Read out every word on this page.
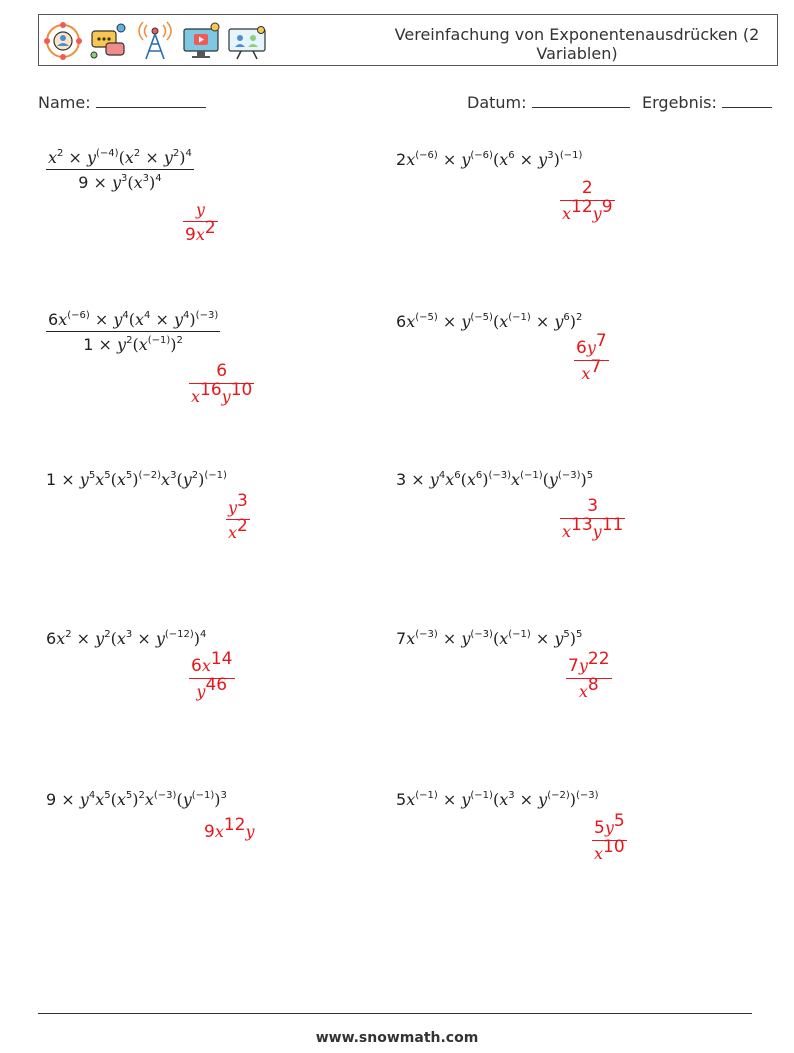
Vereinfachung von Exponentenausdrücken (2 Variablen)
Name:	Datum:	Ergebnis:
$\frac{x^2 \times y^{(-4)}(x^2 \times y^2)^4}{9 \times y^3(x^3)^4}$
$\frac{y}{9x^2}$
$2x^{(-6)} \times y^{(-6)}(x^6 \times y^3)^{(-1)}$
$\frac{2}{x^{12}y^9}$
$\frac{6x^{(-6)} \times y^4(x^4 \times y^4)^{(-3)}}{1 \times y^2(x^{(-1)})^2}$
$\frac{6}{x^{16}y^{10}}$
$6x^{(-5)} \times y^{(-5)}(x^{(-1)} \times y^6)^2$
$\frac{6y^7}{x^7}$
$1 \times y^5x^5(x^5)^{(-2)}x^3(y^2)^{(-1)}$
$\frac{y^3}{x^2}$
$3 \times y^4x^6(x^6)^{(-3)}x^{(-1)}(y^{(-3)})^5$
$\frac{3}{x^{13}y^{11}}$
$6x^2 \times y^2(x^3 \times y^{(-12)})^4$
$\frac{6x^{14}}{y^{46}}$
$7x^{(-3)} \times y^{(-3)}(x^{(-1)} \times y^5)^5$
$\frac{7y^{22}}{x^8}$
$9 \times y^4x^5(x^5)^2x^{(-3)}(y^{(-1)})^3$
$9x^{12}y$
$5x^{(-1)} \times y^{(-1)}(x^3 \times y^{(-2)})^{(-3)}$
$\frac{5y^5}{x^{10}}$
www.snowmath.com
